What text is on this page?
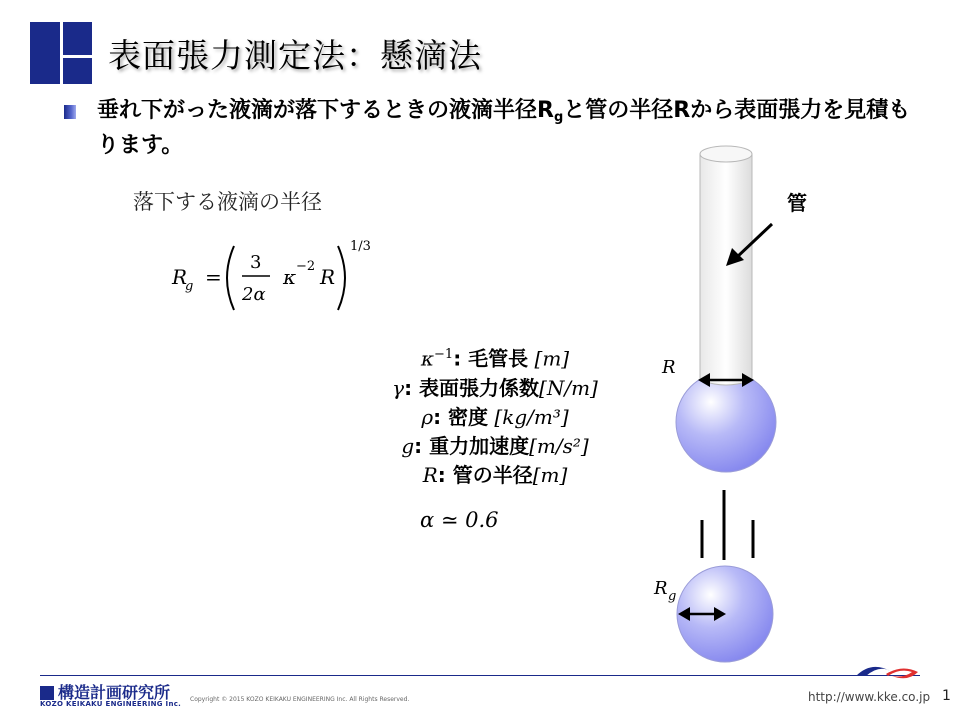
表面張力測定法：懸滴法
垂れ下がった液滴が落下するときの液滴半径$R_g$と管の半径Rから表面張力を見積もります。
落下する液滴の半径
R
g =
3
2α
κ −2 R
1/3
$\kappa^{-1}$: 毛管長 [m]
γ: 表面張力係数[N/m]
ρ: 密度 [kg/m³]
g: 重力加速度[m/s²]
R: 管の半径[m]
α ≃ 0.6
管
R
R g
構造計画研究所
KOZO KEIKAKU ENGINEERING Inc.
Copyright © 2015 KOZO KEIKAKU ENGINEERING Inc. All Rights Reserved.	http://www.kke.co.jp 1
